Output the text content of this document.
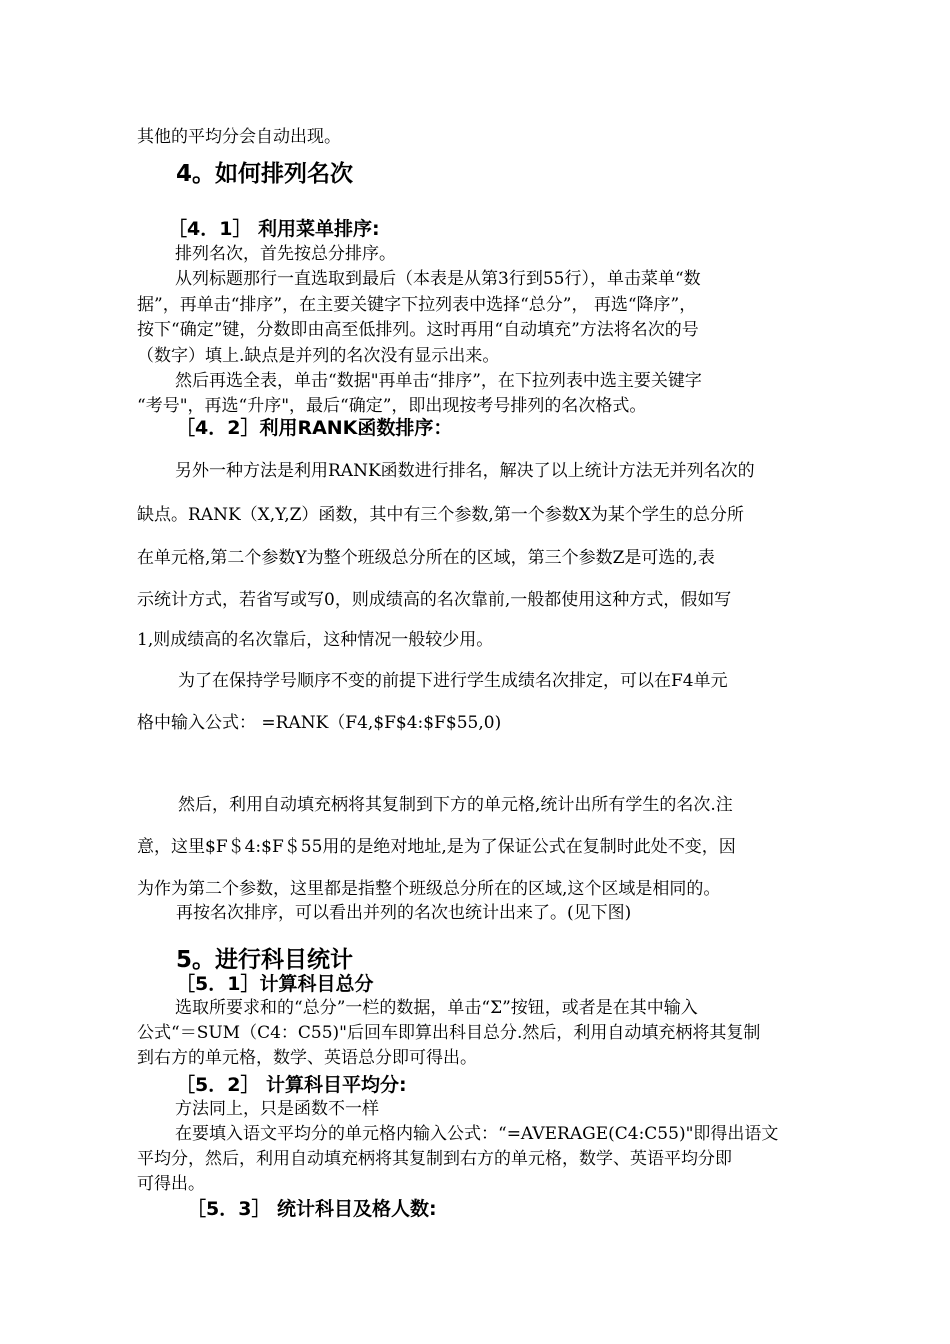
其他的平均分会自动出现。

4。如何排列名次
［4．1］ 利用菜单排序:

排列名次，首先按总分排序。

从列标题那行一直选取到最后（本表是从第3行到55行），单击菜单“数

据”，再单击“排序”，在主要关键字下拉列表中选择“总分”， 再选“降序”，

按下“确定”键，分数即由高至低排列。这时再用“自动填充”方法将名次的号

（数字）填上.缺点是并列的名次没有显示出来。

然后再选全表，单击“数据"再单击“排序”，在下拉列表中选主要关键字

“考号"，再选“升序"，最后“确定”，即出现按考号排列的名次格式。

［4．2］利用RANK函数排序：

另外一种方法是利用RANK函数进行排名，解决了以上统计方法无并列名次的

缺点。RANK（X,Y,Z）函数，其中有三个参数,第一个参数X为某个学生的总分所

在单元格,第二个参数Y为整个班级总分所在的区域，第三个参数Z是可选的,表

示统计方式，若省写或写0，则成绩高的名次靠前,一般都使用这种方式，假如写

1,则成绩高的名次靠后，这种情况一般较少用。

为了在保持学号顺序不变的前提下进行学生成绩名次排定，可以在F4单元

格中输入公式： =RANK（F4,$F$4:$F$55,0)

然后，利用自动填充柄将其复制到下方的单元格,统计出所有学生的名次.注

意，这里$F＄4:$F＄55用的是绝对地址,是为了保证公式在复制时此处不变，因

为作为第二个参数，这里都是指整个班级总分所在的区域,这个区域是相同的。

再按名次排序，可以看出并列的名次也统计出来了。(见下图)

5。进行科目统计
［5．1］计算科目总分

选取所要求和的“总分”一栏的数据，单击“Σ”按钮，或者是在其中输入

公式“＝SUM（C4：C55)"后回车即算出科目总分.然后，利用自动填充柄将其复制

到右方的单元格，数学、英语总分即可得出。

［5．2］ 计算科目平均分:

方法同上，只是函数不一样

在要填入语文平均分的单元格内输入公式：“=AVERAGE(C4:C55)"即得出语文

平均分，然后，利用自动填充柄将其复制到右方的单元格，数学、英语平均分即

可得出。

［5．3］ 统计科目及格人数:
